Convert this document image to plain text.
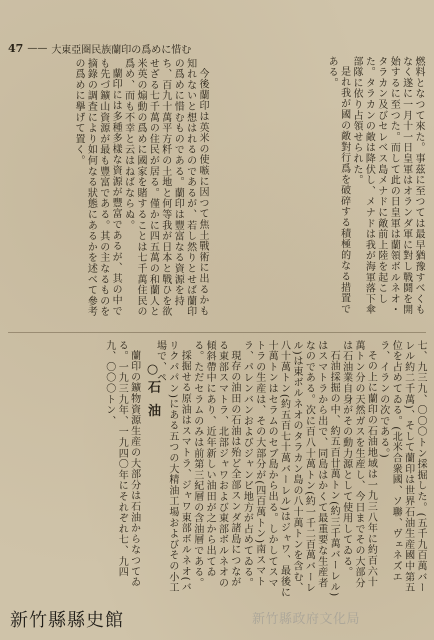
47 —— 大東亞圏民族蘭印の爲めに惜む

燃料となつて來た。事茲に至つては最早猶豫すべくもなく遂に一月十一日皇軍はオランダ軍に對し戰鬪を開始するに至つた。而して此の日皇軍は蘭領ボルネオ・タラカン及びセレベス島メナドに敵前上陸を起こした。タラカンの敵は降伏し、メナドは我が海軍落下傘部隊に依り占領せられた。

是れ我が國の敵對行爲を破碎する積極的なる措置である。

今後蘭印は英米の使嗾に因つて焦土戰術に出るかも知れないと想はれるのであるが、若し然りとせば蘭印の爲めに惜むものである。蘭印は豐富なる資源を持ち、百九十萬平方粁の土地と何等我が日本と戰ひを欲せざる七千萬の住民が居る。僅かに四五萬の和蘭人と米英の煽動の爲めに國家を賭することは七千萬住民の爲め、而も不幸と云はねばならぬ。

蘭印には多種多樣な資源が豐富であるが、其の中でも先づ鑛山資源が最も豐富である。其の主なるものを摘錄の調査により如何なる狀態にあるかを述べて參考の爲めに擧げて置く。

七、九三九、〇〇〇トン採掘した。(五千九百萬バーレル約二千萬)、そして蘭印は世界石油生産國中第五位を占めてゐる。(北米合衆國、ソ聯、ヴェネズエラ、イランの次である。)

その上に蘭印の石油地域は一九三八年に約百六十萬トン分の天然ガスを生産し、今日までその大部分は石油業自身がその動力源として使用してゐる。

石油採掘の中、約五百廿萬トン(約三千萬バーレル)はスマトラから出で、同島はかくて最重要な生産者なのである。次に百八十萬トン(約一千二百萬バーレル)は東ボルネオのタラカン島の八十萬トンを含む、八十萬トン(約五百七十萬バーレル)はジャワ、最後に十萬トンはセラムのセブ島から出る。しかしてスマトラの生産は、その大部分が(四百萬トン)南スマトラ、パレンバンおよびジャンビ地方が占めてゐる。

現存の油田の石油は殆ど全部スンダ諸島につながる東部スマトラ、北部ジャワおよび東部ボルネオの傾斜帶中にあり、近年新しい油田が之から出てゐる。ただセラムのみは前第三紀層の含油層である。

採掘せる原油はスマトラ、ジャワ東部ボルネオ(バリクパパン)にある五つの大精油工場およびその小工場で、ペ

○石 油

蘭印の鑛物資源生産の大部分は石油からなつてゐる。一九三九年、一九四〇年にそれぞれ七、九四九、〇〇〇トン、

新竹縣縣史館	新竹縣政府文化局
